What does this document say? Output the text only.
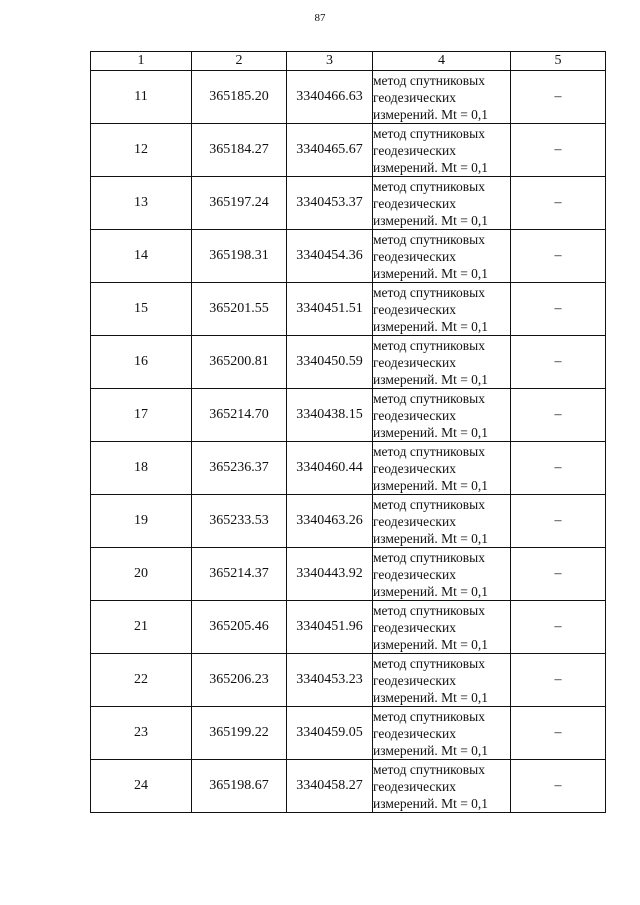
87
1	2	3	4	5
11	365185.20	3340466.63	метод спутниковых
геодезических
измерений. Mt = 0,1	–
12	365184.27	3340465.67	метод спутниковых
геодезических
измерений. Mt = 0,1	–
13	365197.24	3340453.37	метод спутниковых
геодезических
измерений. Mt = 0,1	–
14	365198.31	3340454.36	метод спутниковых
геодезических
измерений. Mt = 0,1	–
15	365201.55	3340451.51	метод спутниковых
геодезических
измерений. Mt = 0,1	–
16	365200.81	3340450.59	метод спутниковых
геодезических
измерений. Mt = 0,1	–
17	365214.70	3340438.15	метод спутниковых
геодезических
измерений. Mt = 0,1	–
18	365236.37	3340460.44	метод спутниковых
геодезических
измерений. Mt = 0,1	–
19	365233.53	3340463.26	метод спутниковых
геодезических
измерений. Mt = 0,1	–
20	365214.37	3340443.92	метод спутниковых
геодезических
измерений. Mt = 0,1	–
21	365205.46	3340451.96	метод спутниковых
геодезических
измерений. Mt = 0,1	–
22	365206.23	3340453.23	метод спутниковых
геодезических
измерений. Mt = 0,1	–
23	365199.22	3340459.05	метод спутниковых
геодезических
измерений. Mt = 0,1	–
24	365198.67	3340458.27	метод спутниковых
геодезических
измерений. Mt = 0,1	–
